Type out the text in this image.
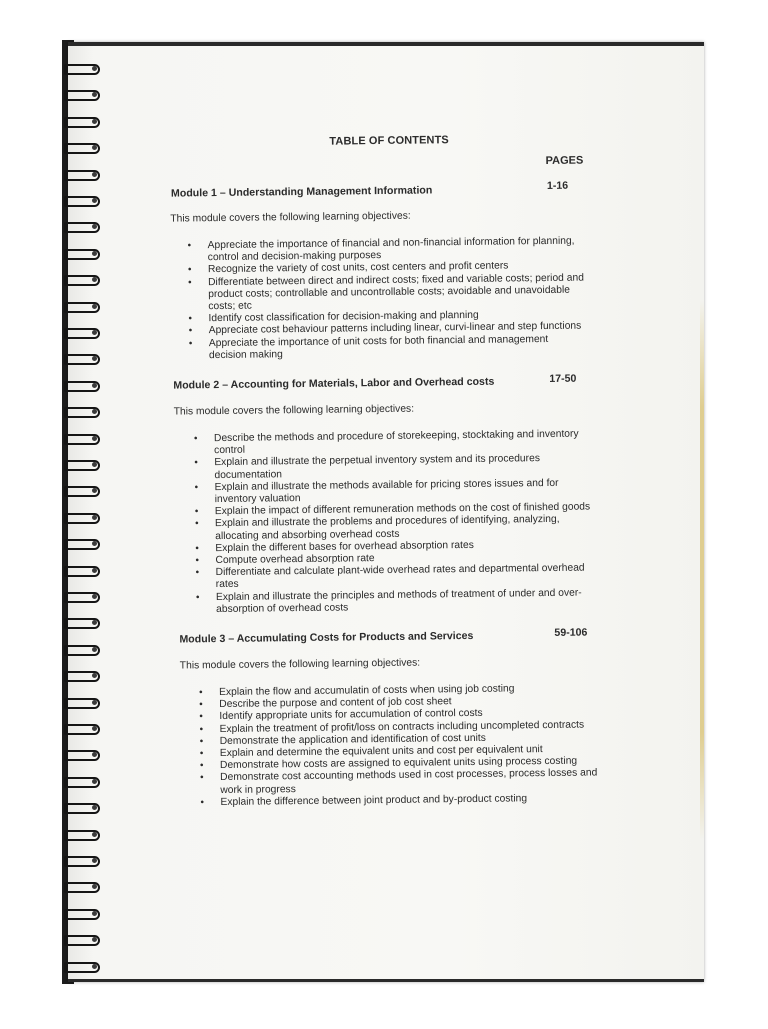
TABLE OF CONTENTS
PAGES
Module 1 – Understanding Management Information	1-16
This module covers the following learning objectives:
• Appreciate the importance of financial and non-financial information for planning, control and decision-making purposes
• Recognize the variety of cost units, cost centers and profit centers
• Differentiate between direct and indirect costs; fixed and variable costs; period and product costs; controllable and uncontrollable costs; avoidable and unavoidable costs; etc
• Identify cost classification for decision-making and planning
• Appreciate cost behaviour patterns including linear, curvi-linear and step functions
• Appreciate the importance of unit costs for both financial and management decision making
Module 2 – Accounting for Materials, Labor and Overhead costs	17-50
This module covers the following learning objectives:
• Describe the methods and procedure of storekeeping, stocktaking and inventory control
• Explain and illustrate the perpetual inventory system and its procedures documentation
• Explain and illustrate the methods available for pricing stores issues and for inventory valuation
• Explain the impact of different remuneration methods on the cost of finished goods
• Explain and illustrate the problems and procedures of identifying, analyzing, allocating and absorbing overhead costs
• Explain the different bases for overhead absorption rates
• Compute overhead absorption rate
• Differentiate and calculate plant-wide overhead rates and departmental overhead rates
• Explain and illustrate the principles and methods of treatment of under and over-absorption of overhead costs
Module 3 – Accumulating Costs for Products and Services	59-106
This module covers the following learning objectives:
• Explain the flow and accumulatin of costs when using job costing
• Describe the purpose and content of job cost sheet
• Identify appropriate units for accumulation of control costs
• Explain the treatment of profit/loss on contracts including uncompleted contracts
• Demonstrate the application and identification of cost units
• Explain and determine the equivalent units and cost per equivalent unit
• Demonstrate how costs are assigned to equivalent units using process costing
• Demonstrate cost accounting methods used in cost processes, process losses and work in progress
• Explain the difference between joint product and by-product costing
